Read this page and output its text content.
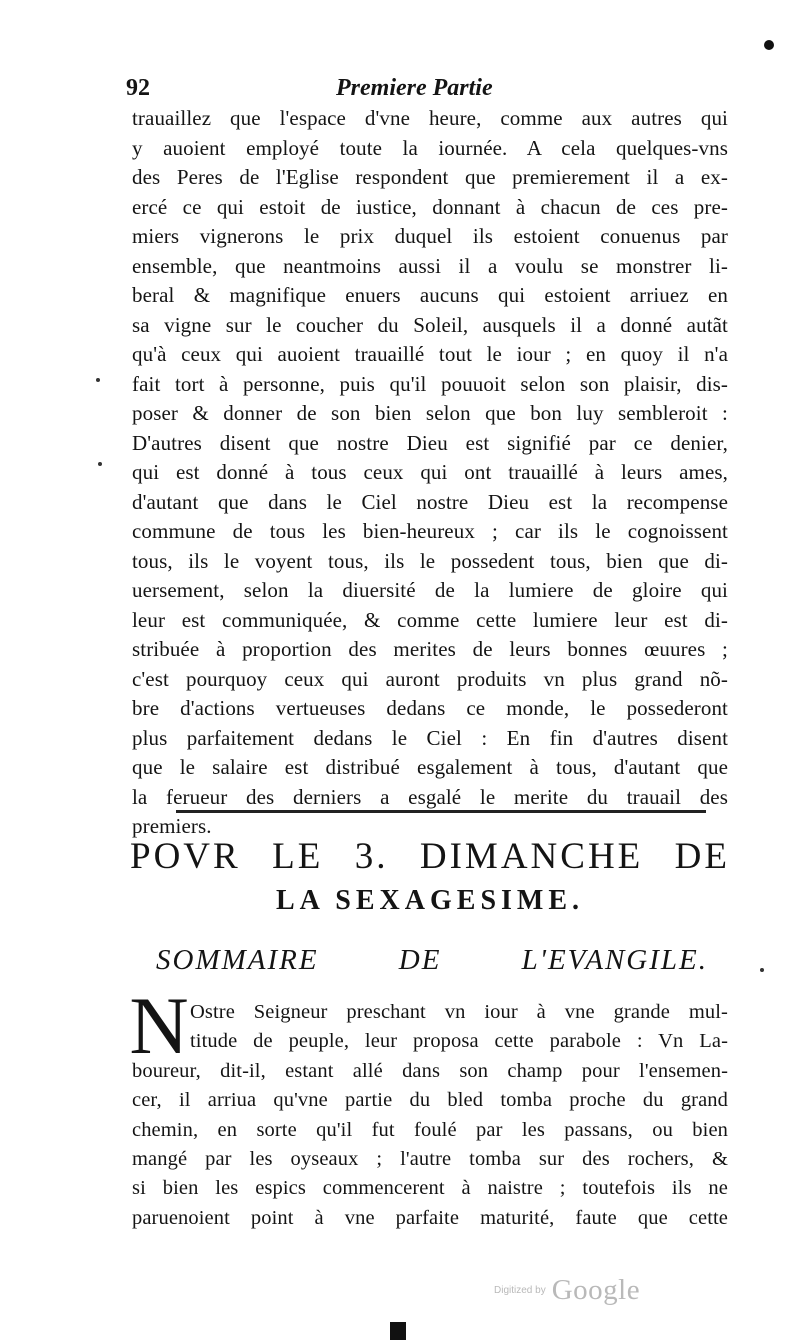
92	Premiere Partie
trauaillez que l'espace d'vne heure, comme aux autres qui
y auoient employé toute la iournée. A cela quelques-vns
des Peres de l'Eglise respondent que premierement il a ex-
ercé ce qui estoit de iustice, donnant à chacun de ces pre-
miers vignerons le prix duquel ils estoient conuenus par
ensemble, que neantmoins aussi il a voulu se monstrer li-
beral & magnifique enuers aucuns qui estoient arriuez en
sa vigne sur le coucher du Soleil, ausquels il a donné autãt
qu'à ceux qui auoient trauaillé tout le iour ; en quoy il n'a
fait tort à personne, puis qu'il pouuoit selon son plaisir, dis-
poser & donner de son bien selon que bon luy sembleroit :
D'autres disent que nostre Dieu est signifié par ce denier,
qui est donné à tous ceux qui ont trauaillé à leurs ames,
d'autant que dans le Ciel nostre Dieu est la recompense
commune de tous les bien-heureux ; car ils le cognoissent
tous, ils le voyent tous, ils le possedent tous, bien que di-
uersement, selon la diuersité de la lumiere de gloire qui
leur est communiquée, & comme cette lumiere leur est di-
stribuée à proportion des merites de leurs bonnes œuures ;
c'est pourquoy ceux qui auront produits vn plus grand nõ-
bre d'actions vertueuses dedans ce monde, le possederont
plus parfaitement dedans le Ciel : En fin d'autres disent
que le salaire est distribué esgalement à tous, d'autant que
la ferueur des derniers a esgalé le merite du trauail des
premiers.
POVR LE 3. DIMANCHE DE
LA SEXAGESIME.
SOMMAIRE DE L'EVANGILE.
N Ostre Seigneur preschant vn iour à vne grande mul-
titude de peuple, leur proposa cette parabole : Vn La-
boureur, dit-il, estant allé dans son champ pour l'ensemen-
cer, il arriua qu'vne partie du bled tomba proche du grand
chemin, en sorte qu'il fut foulé par les passans, ou bien
mangé par les oyseaux ; l'autre tomba sur des rochers, &
si bien les espics commencerent à naistre ; toutefois ils ne
paruenoient point à vne parfaite maturité, faute que cette
Digitized by Google
